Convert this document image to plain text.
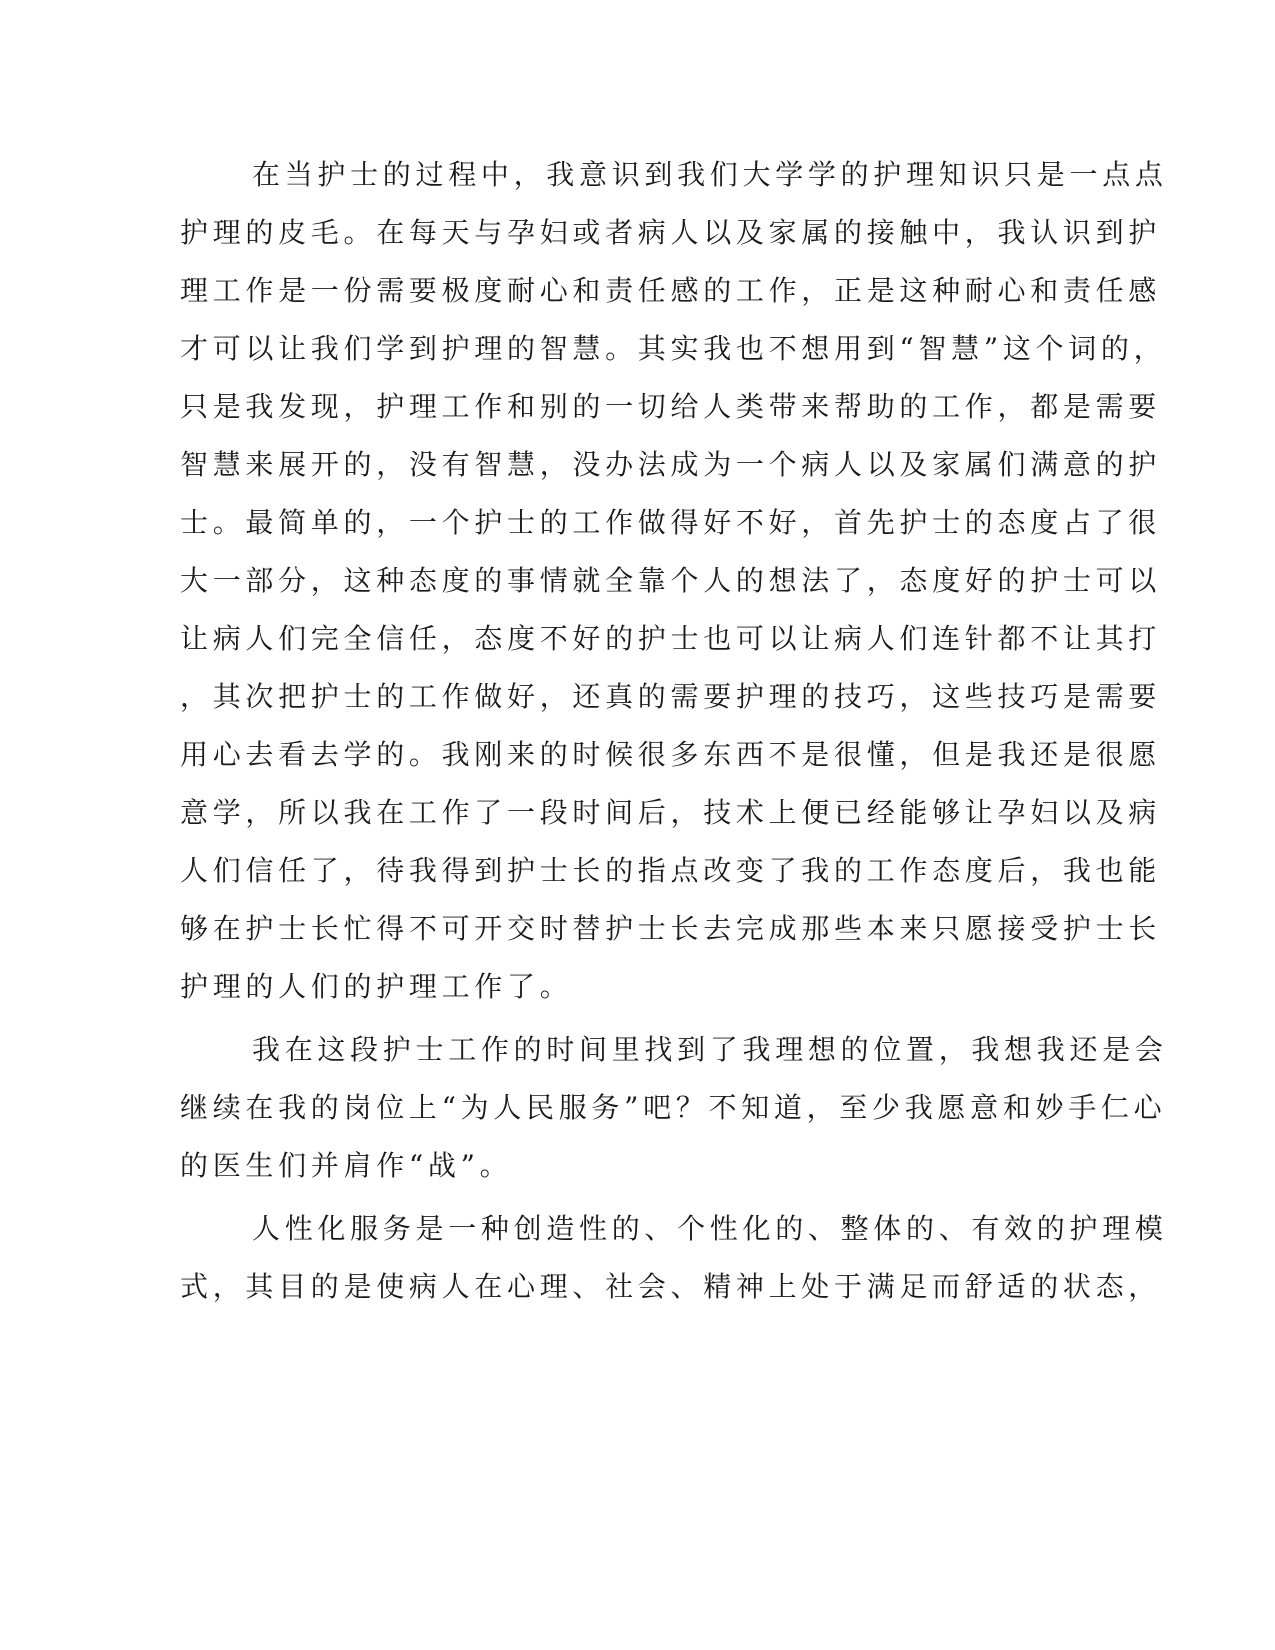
在当护士的过程中，我意识到我们大学学的护理知识只是一点点
护理的皮毛。在每天与孕妇或者病人以及家属的接触中，我认识到护
理工作是一份需要极度耐心和责任感的工作，正是这种耐心和责任感
才可以让我们学到护理的智慧。其实我也不想用到“智慧”这个词的，
只是我发现，护理工作和别的一切给人类带来帮助的工作，都是需要
智慧来展开的，没有智慧，没办法成为一个病人以及家属们满意的护
士。最简单的，一个护士的工作做得好不好，首先护士的态度占了很
大一部分，这种态度的事情就全靠个人的想法了，态度好的护士可以
让病人们完全信任，态度不好的护士也可以让病人们连针都不让其打
，其次把护士的工作做好，还真的需要护理的技巧，这些技巧是需要
用心去看去学的。我刚来的时候很多东西不是很懂，但是我还是很愿
意学，所以我在工作了一段时间后，技术上便已经能够让孕妇以及病
人们信任了，待我得到护士长的指点改变了我的工作态度后，我也能
够在护士长忙得不可开交时替护士长去完成那些本来只愿接受护士长
护理的人们的护理工作了。
我在这段护士工作的时间里找到了我理想的位置，我想我还是会
继续在我的岗位上“为人民服务”吧？不知道，至少我愿意和妙手仁心
的医生们并肩作“战”。
人性化服务是一种创造性的、个性化的、整体的、有效的护理模
式，其目的是使病人在心理、社会、精神上处于满足而舒适的状态，
